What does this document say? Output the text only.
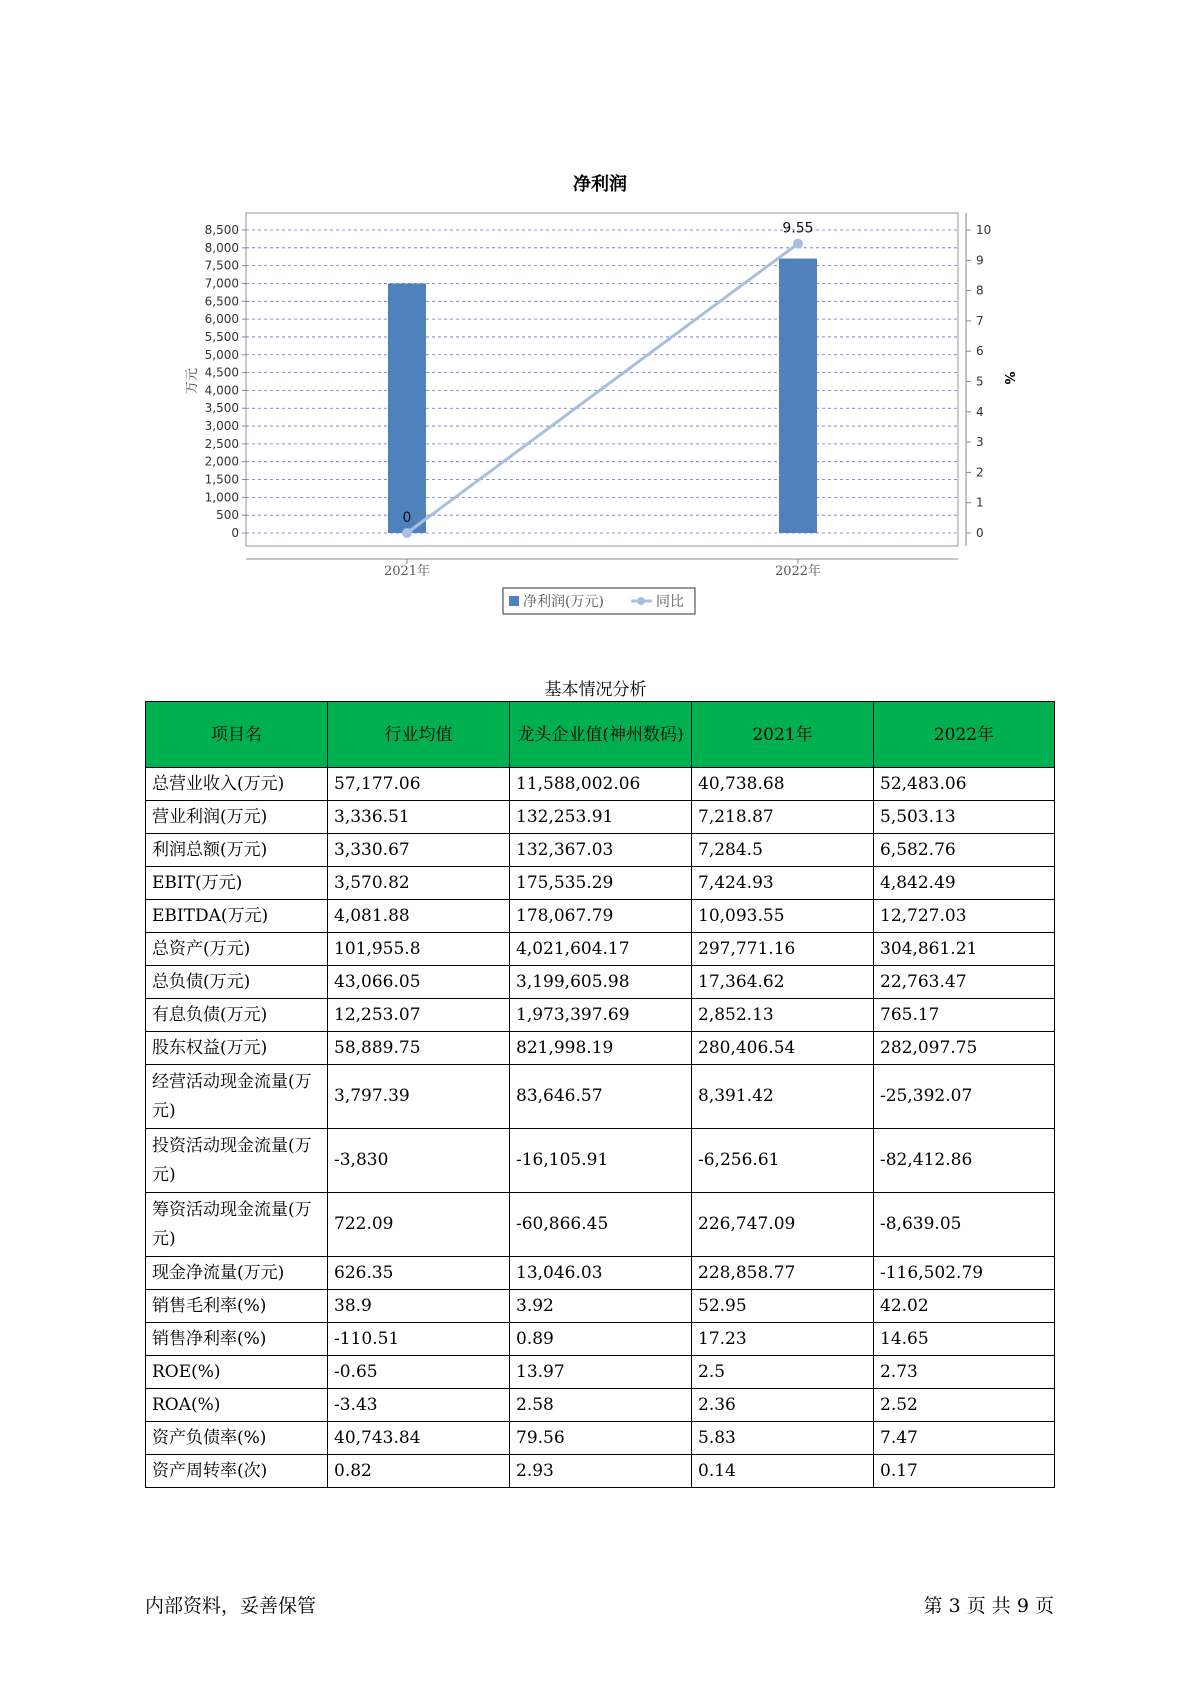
净利润
0
500
1,000
1,500
2,000
2,500
3,000
3,500
4,000
4,500
5,000
5,500
6,000
6,500
7,000
7,500
8,000
8,500
0
1
2
3
4
5
6
7
8
9
10
0
9.55
2021年	2022年
万元	%
净利润(万元)	同比
基本情况分析
项目名	行业均值	龙头企业值(神州数码)	2021年	2022年
总营业收入(万元)	57,177.06	11,588,002.06	40,738.68	52,483.06
营业利润(万元)	3,336.51	132,253.91	7,218.87	5,503.13
利润总额(万元)	3,330.67	132,367.03	7,284.5	6,582.76
EBIT(万元)	3,570.82	175,535.29	7,424.93	4,842.49
EBITDA(万元)	4,081.88	178,067.79	10,093.55	12,727.03
总资产(万元)	101,955.8	4,021,604.17	297,771.16	304,861.21
总负债(万元)	43,066.05	3,199,605.98	17,364.62	22,763.47
有息负债(万元)	12,253.07	1,973,397.69	2,852.13	765.17
股东权益(万元)	58,889.75	821,998.19	280,406.54	282,097.75
经营活动现金流量(万元)	3,797.39	83,646.57	8,391.42	-25,392.07
投资活动现金流量(万元)	-3,830	-16,105.91	-6,256.61	-82,412.86
筹资活动现金流量(万元)	722.09	-60,866.45	226,747.09	-8,639.05
现金净流量(万元)	626.35	13,046.03	228,858.77	-116,502.79
销售毛利率(%)	38.9	3.92	52.95	42.02
销售净利率(%)	-110.51	0.89	17.23	14.65
ROE(%)	-0.65	13.97	2.5	2.73
ROA(%)	-3.43	2.58	2.36	2.52
资产负债率(%)	40,743.84	79.56	5.83	7.47
资产周转率(次)	0.82	2.93	0.14	0.17
内部资料，妥善保管	第 3 页 共 9 页
